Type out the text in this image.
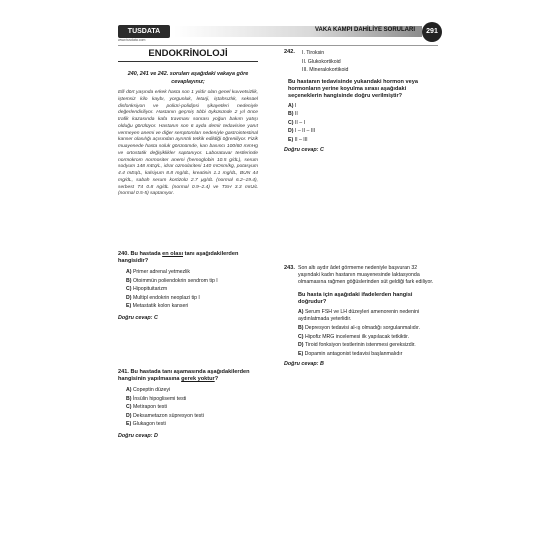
TUSDATA
www.tusdata.com
VAKA KAMPI DAHİLİYE SORULARI	291
ENDOKRİNOLOJİ
240, 241 ve 242. soruları aşağıdaki vakaya göre cevaplayınız;
Elli dört yaşında erkek hasta son 1 yıldır olan genel kuvvetsizlik, iştemsiz kilo kaybı, yorgunluk, letarji, iştahsızlık, seksüel disfonksiyon ve poliüri-polidipsi şikayetleri nedeniyle değerlendiriliyor. Hastanın geçmiş tıbbi öyküsünde 2 yıl önce trafik kazasında kafa travması sonrası yoğun bakım yatışı olduğu görülüyor. Hastanın son 6 ayda demir tedavisine yanıt vermeyen anemi ve diğer semptomları nedeniyle gastrointestinal kanser olasılığı açısından ayrıntılı tetkik edildiği öğreniliyor. Fizik muayenede hasta soluk görünümde, kan basıncı 100/60 mmHg ve ortostatik değişiklikler saptanıyor. Laboratuvar testlerinde normokrom normositer anemi (hemoglobin 10.5 g/dL), serum sodyum 148 mEq/L, idrar ozmolaritesi 140 mOsm/kg, potasyum 4.4 mEq/L, kalsiyum 8.8 mg/dL, kreatinin 1.1 mg/dL, BUN 44 mg/dL, sabah serum kortizolü 2.7 μg/dL (normal 6.2–19.4), serbest T4 0.8 ng/dL (normal 0.9–2.4) ve TSH 3.3 mIU/L (normal 0.5-5) saptanıyor.
240. Bu hastada en olası tanı aşağıdakilerden hangisidir?
A) Primer adrenal yetmezlik
B) Otoimmün poliendokrin sendrom tip I
C) Hipopituitarizm
D) Multipl endokrin neoplazi tip I
E) Metastatik kolon kanseri
Doğru cevap: C
241. Bu hastada tanı aşamasında aşağıdakilerden hangisinin yapılmasına gerek yoktur?
A) Copeptin düzeyi
B) İnsülin hipoglisemi testi
C) Metirapon testi
D) Deksametazon süpresyon testi
E) Glukagon testi
Doğru cevap: D
242.	I. Tiroksin
II. Glukokortikoid
III. Mineralokortikoid
Bu hastanın tedavisinde yukarıdaki hormon veya hormonların yerine koyulma sırası aşağıdaki seçeneklerin hangisinde doğru verilmiştir?
A) I
B) II
C) II – I
D) I – II – III
E) II – III
Doğru cevap: C
243. Son altı aydır âdet görmeme nedeniyle başvuran 32 yaşındaki kadın hastanın muayenesinde laktasyonda olmamasına rağmen göğüslerinden süt geldiği fark ediliyor.
Bu hasta için aşağıdaki ifadelerden hangisi doğrudur?
A) Serum FSH ve LH düzeyleri amenorenin nedenini aydınlatmada yeterlidir.
B) Depresyon tedavisi al-ış olmadığı sorgulanmalıdır.
C) Hipofiz MRG incelemesi ilk yapılacak tetkiktir.
D) Tiroid fonksiyon testlerinin istenmesi gereksizdir.
E) Dopamin antagonist tedavisi başlanmalıdır
Doğru cevap: B
